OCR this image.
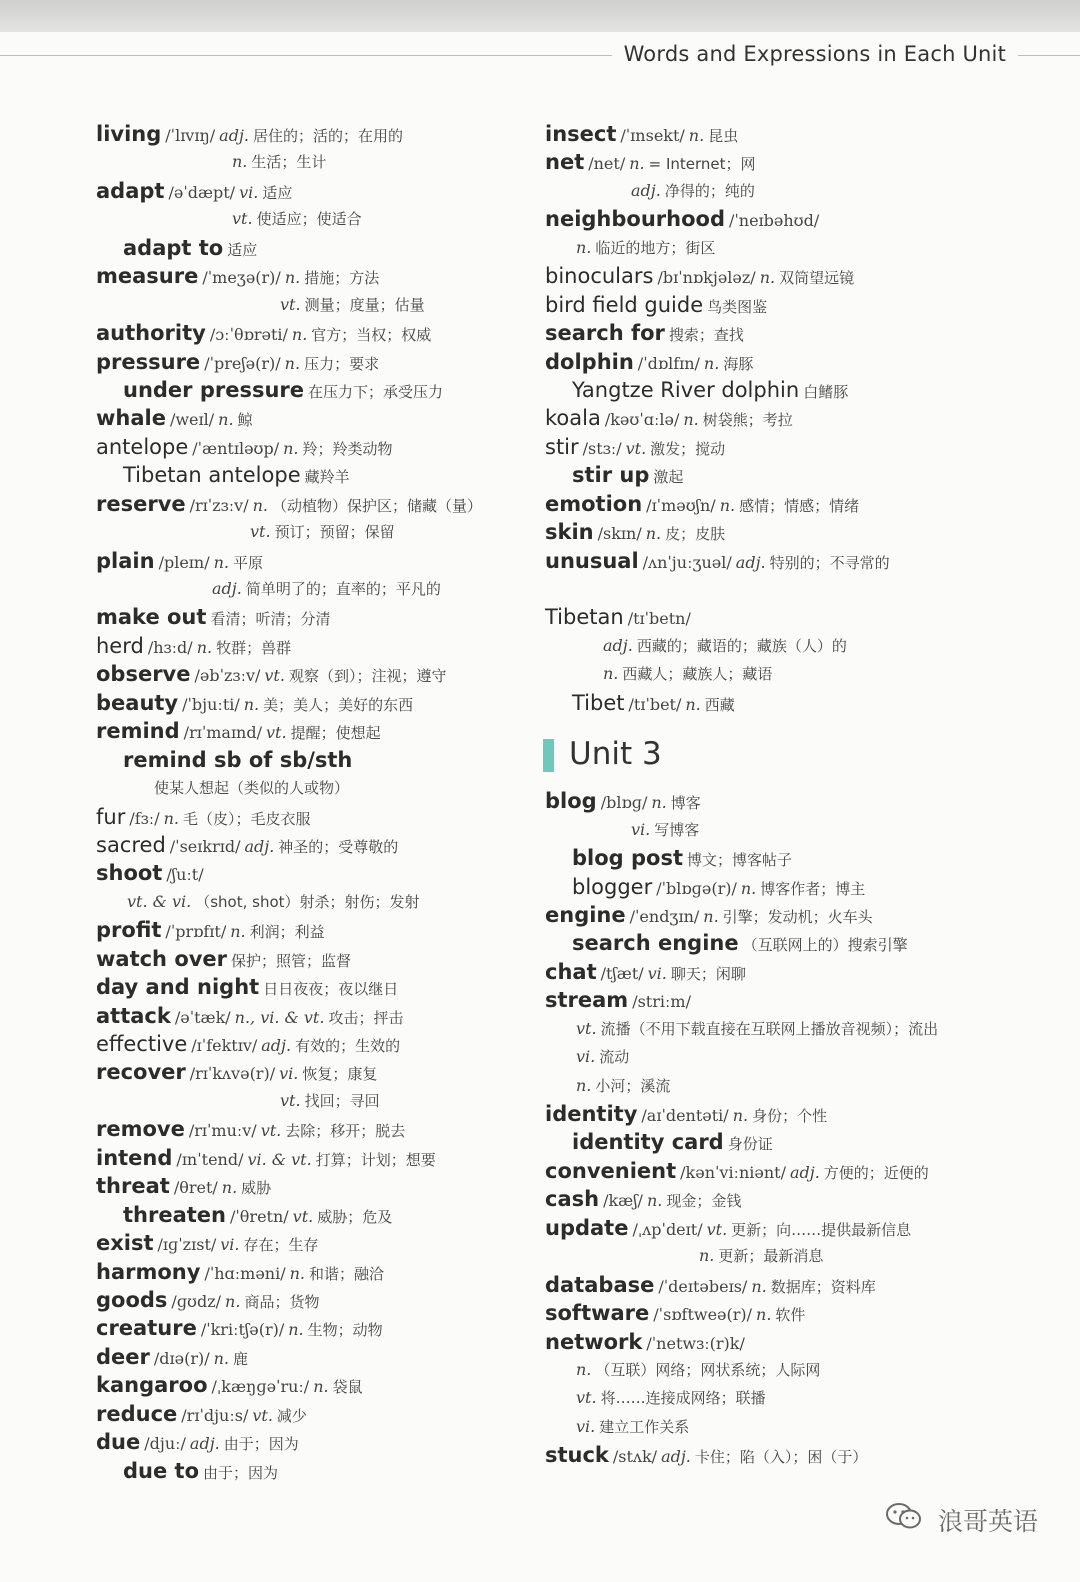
Words and Expressions in Each Unit
living /ˈlɪvɪŋ/ adj. 居住的；活的；在用的
n. 生活；生计
adapt /əˈdæpt/ vi. 适应
vt. 使适应；使适合
adapt to 适应
measure /ˈmeʒə(r)/ n. 措施；方法
vt. 测量；度量；估量
authority /ɔːˈθɒrəti/ n. 官方；当权；权威
pressure /ˈpreʃə(r)/ n. 压力；要求
under pressure 在压力下；承受压力
whale /weɪl/ n. 鲸
antelope /ˈæntɪləʊp/ n. 羚；羚类动物
Tibetan antelope 藏羚羊
reserve /rɪˈzɜːv/ n. （动植物）保护区；储藏（量）
vt. 预订；预留；保留
plain /pleɪn/ n. 平原
adj. 简单明了的；直率的；平凡的
make out 看清；听清；分清
herd /hɜːd/ n. 牧群；兽群
observe /əbˈzɜːv/ vt. 观察（到）；注视；遵守
beauty /ˈbjuːti/ n. 美；美人；美好的东西
remind /rɪˈmaɪnd/ vt. 提醒；使想起
remind sb of sb/sth
使某人想起（类似的人或物）
fur /fɜː/ n. 毛（皮）；毛皮衣服
sacred /ˈseɪkrɪd/ adj. 神圣的；受尊敬的
shoot /ʃuːt/
vt. & vi. （shot, shot）射杀；射伤；发射
profit /ˈprɒfɪt/ n. 利润；利益
watch over 保护；照管；监督
day and night 日日夜夜；夜以继日
attack /əˈtæk/ n., vi. & vt. 攻击；抨击
effective /ɪˈfektɪv/ adj. 有效的；生效的
recover /rɪˈkʌvə(r)/ vi. 恢复；康复
vt. 找回；寻回
remove /rɪˈmuːv/ vt. 去除；移开；脱去
intend /ɪnˈtend/ vi. & vt. 打算；计划；想要
threat /θret/ n. 威胁
threaten /ˈθretn/ vt. 威胁；危及
exist /ɪɡˈzɪst/ vi. 存在；生存
harmony /ˈhɑːməni/ n. 和谐；融洽
goods /ɡʊdz/ n. 商品；货物
creature /ˈkriːtʃə(r)/ n. 生物；动物
deer /dɪə(r)/ n. 鹿
kangaroo /ˌkæŋɡəˈruː/ n. 袋鼠
reduce /rɪˈdjuːs/ vt. 减少
due /djuː/ adj. 由于；因为
due to 由于；因为
insect /ˈɪnsekt/ n. 昆虫
net /net/ n. = Internet；网
adj. 净得的；纯的
neighbourhood /ˈneɪbəhʊd/
n. 临近的地方；街区
binoculars /bɪˈnɒkjələz/ n. 双筒望远镜
bird field guide 鸟类图鉴
search for 搜索；查找
dolphin /ˈdɒlfɪn/ n. 海豚
Yangtze River dolphin 白鳍豚
koala /kəʊˈɑːlə/ n. 树袋熊；考拉
stir /stɜː/ vt. 激发；搅动
stir up 激起
emotion /ɪˈməʊʃn/ n. 感情；情感；情绪
skin /skɪn/ n. 皮；皮肤
unusual /ʌnˈjuːʒuəl/ adj. 特别的；不寻常的
Tibetan /tɪˈbetn/
adj. 西藏的；藏语的；藏族（人）的
n. 西藏人；藏族人；藏语
Tibet /tɪˈbet/ n. 西藏
Unit 3
blog /blɒɡ/ n. 博客
vi. 写博客
blog post 博文；博客帖子
blogger /ˈblɒɡə(r)/ n. 博客作者；博主
engine /ˈendʒɪn/ n. 引擎；发动机；火车头
search engine （互联网上的）搜索引擎
chat /tʃæt/ vi. 聊天；闲聊
stream /striːm/
vt. 流播（不用下载直接在互联网上播放音视频）；流出
vi. 流动
n. 小河；溪流
identity /aɪˈdentəti/ n. 身份；个性
identity card 身份证
convenient /kənˈviːniənt/ adj. 方便的；近便的
cash /kæʃ/ n. 现金；金钱
update /ˌʌpˈdeɪt/ vt. 更新；向……提供最新信息
n. 更新；最新消息
database /ˈdeɪtəbeɪs/ n. 数据库；资料库
software /ˈsɒftweə(r)/ n. 软件
network /ˈnetwɜː(r)k/
n. （互联）网络；网状系统；人际网
vt. 将……连接成网络；联播
vi. 建立工作关系
stuck /stʌk/ adj. 卡住；陷（入）；困（于）
浪哥英语
